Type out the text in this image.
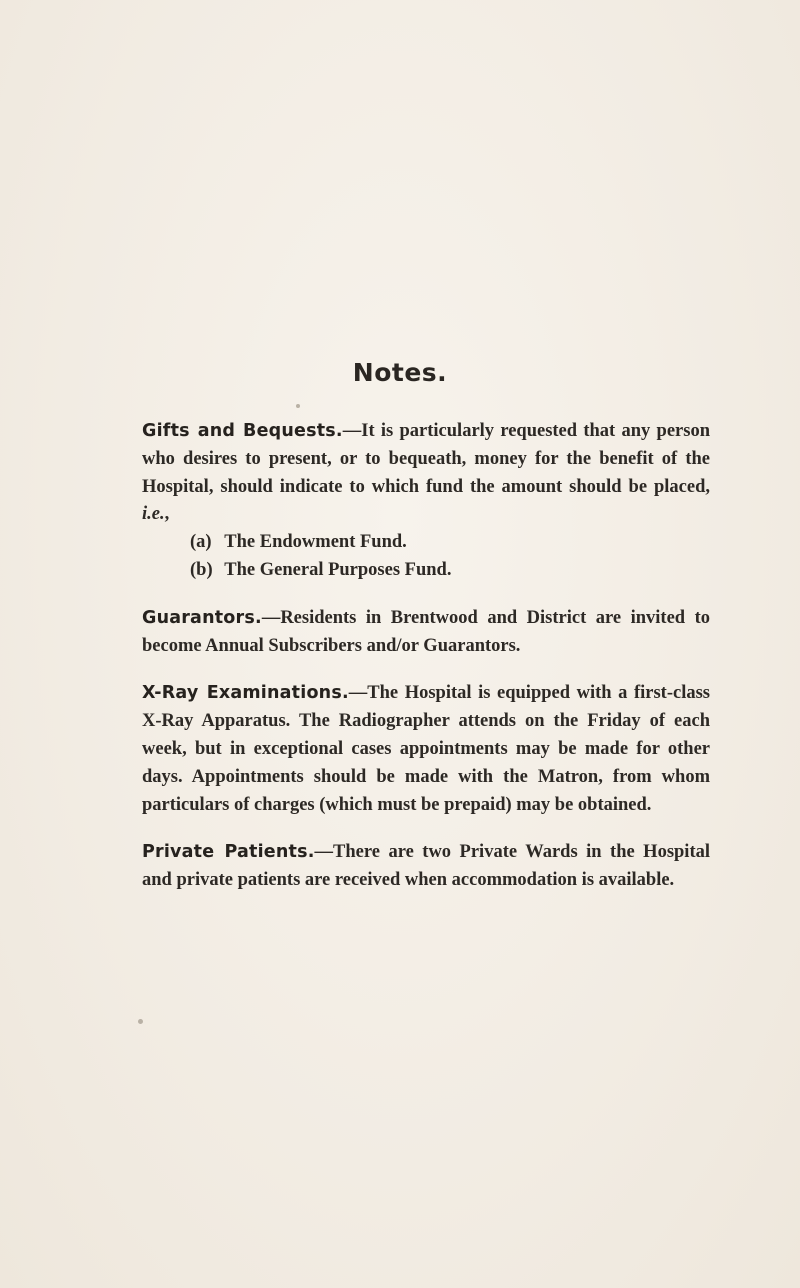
Notes.

Gifts and Bequests.—It is particularly requested that any person who desires to present, or to bequeath, money for the benefit of the Hospital, should indicate to which fund the amount should be placed, i.e.,
(a) The Endowment Fund.
(b) The General Purposes Fund.

Guarantors.—Residents in Brentwood and District are invited to become Annual Subscribers and/or Guarantors.

X-Ray Examinations.—The Hospital is equipped with a first-class X-Ray Apparatus. The Radiographer attends on the Friday of each week, but in exceptional cases appointments may be made for other days. Appointments should be made with the Matron, from whom particulars of charges (which must be prepaid) may be obtained.

Private Patients.—There are two Private Wards in the Hospital and private patients are received when accommodation is available.
